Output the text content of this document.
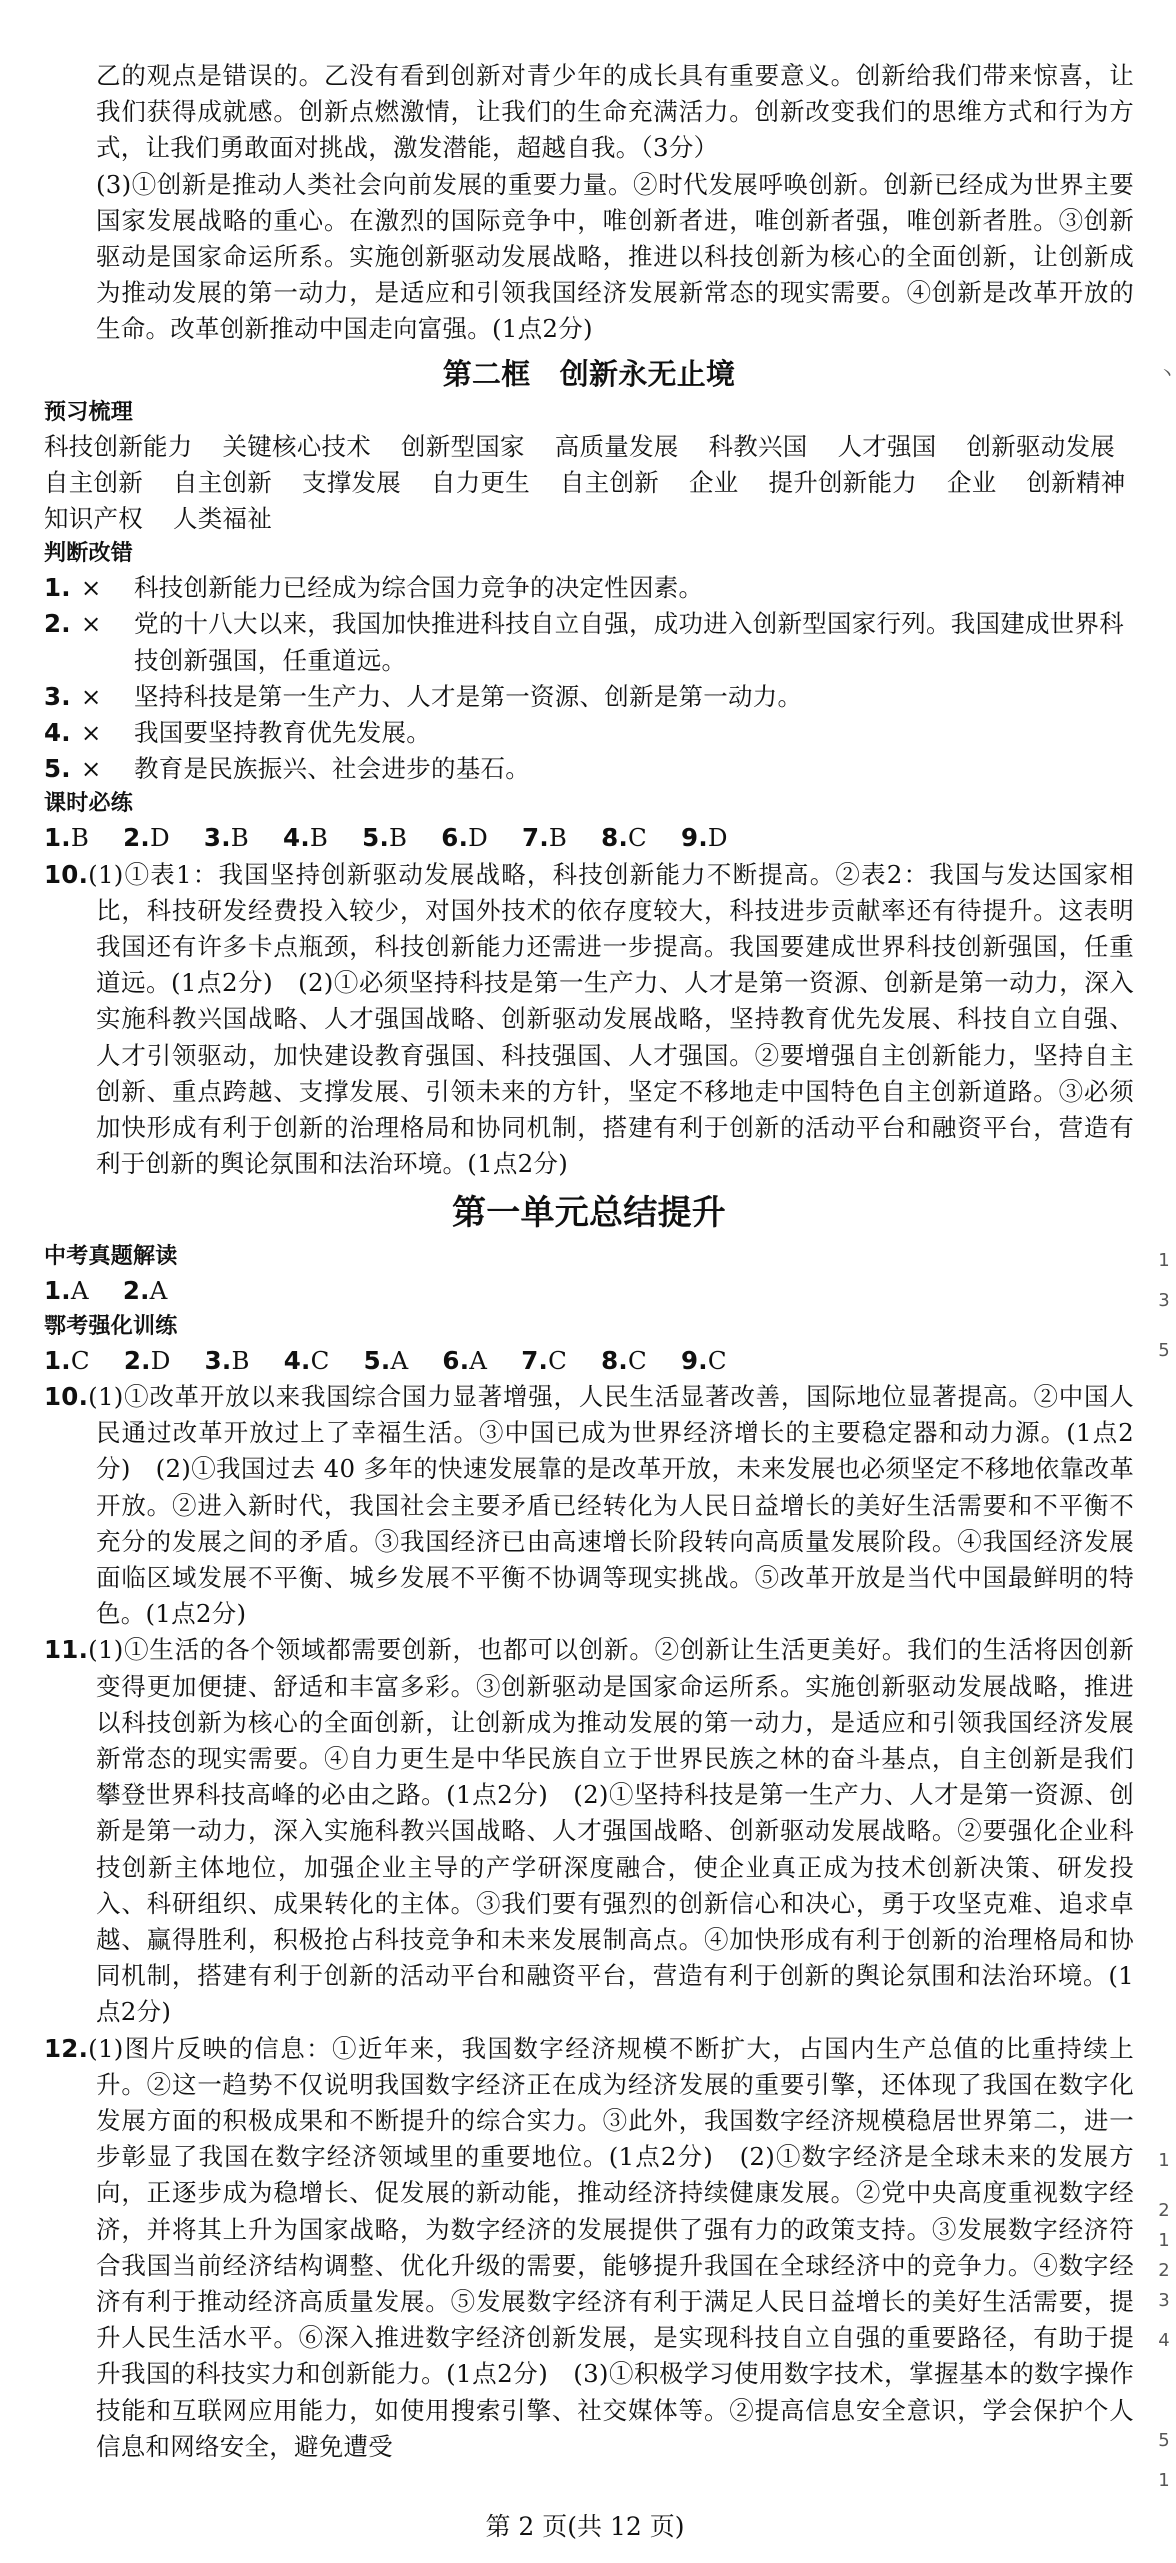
乙的观点是错误的。乙没有看到创新对青少年的成长具有重要意义。创新给我们带来惊喜，让我们获得成就感。创新点燃激情，让我们的生命充满活力。创新改变我们的思维方式和行为方式，让我们勇敢面对挑战，激发潜能，超越自我。（3分）

(3)①创新是推动人类社会向前发展的重要力量。②时代发展呼唤创新。创新已经成为世界主要国家发展战略的重心。在激烈的国际竞争中，唯创新者进，唯创新者强，唯创新者胜。③创新驱动是国家命运所系。实施创新驱动发展战略，推进以科技创新为核心的全面创新，让创新成为推动发展的第一动力，是适应和引领我国经济发展新常态的现实需要。④创新是改革开放的生命。改革创新推动中国走向富强。(1点2分)

第二框　创新永无止境
预习梳理
科技创新能力 关键核心技术 创新型国家 高质量发展 科教兴国 人才强国 创新驱动发展
自主创新 自主创新 支撑发展 自力更生 自主创新 企业 提升创新能力 企业 创新精神
知识产权 人类福祉
判断改错
1. ×	科技创新能力已经成为综合国力竞争的决定性因素。
2. ×	党的十八大以来，我国加快推进科技自立自强，成功进入创新型国家行列。我国建成世界科技创新强国，任重道远。
3. ×	坚持科技是第一生产力、人才是第一资源、创新是第一动力。
4. ×	我国要坚持教育优先发展。
5. ×	教育是民族振兴、社会进步的基石。
课时必练
1.B 2.D 3.B 4.B 5.B 6.D 7.B 8.C 9.D

10.(1)①表1：我国坚持创新驱动发展战略，科技创新能力不断提高。②表2：我国与发达国家相比，科技研发经费投入较少，对国外技术的依存度较大，科技进步贡献率还有待提升。这表明我国还有许多卡点瓶颈，科技创新能力还需进一步提高。我国要建成世界科技创新强国，任重道远。(1点2分)　(2)①必须坚持科技是第一生产力、人才是第一资源、创新是第一动力，深入实施科教兴国战略、人才强国战略、创新驱动发展战略，坚持教育优先发展、科技自立自强、人才引领驱动，加快建设教育强国、科技强国、人才强国。②要增强自主创新能力，坚持自主创新、重点跨越、支撑发展、引领未来的方针，坚定不移地走中国特色自主创新道路。③必须加快形成有利于创新的治理格局和协同机制，搭建有利于创新的活动平台和融资平台，营造有利于创新的舆论氛围和法治环境。(1点2分)

第一单元总结提升
中考真题解读
1.A 2.A
鄂考强化训练
1.C 2.D 3.B 4.C 5.A 6.A 7.C 8.C 9.C

10.(1)①改革开放以来我国综合国力显著增强，人民生活显著改善，国际地位显著提高。②中国人民通过改革开放过上了幸福生活。③中国已成为世界经济增长的主要稳定器和动力源。(1点2分)　(2)①我国过去 40 多年的快速发展靠的是改革开放，未来发展也必须坚定不移地依靠改革开放。②进入新时代，我国社会主要矛盾已经转化为人民日益增长的美好生活需要和不平衡不充分的发展之间的矛盾。③我国经济已由高速增长阶段转向高质量发展阶段。④我国经济发展面临区域发展不平衡、城乡发展不平衡不协调等现实挑战。⑤改革开放是当代中国最鲜明的特色。(1点2分)

11.(1)①生活的各个领域都需要创新，也都可以创新。②创新让生活更美好。我们的生活将因创新变得更加便捷、舒适和丰富多彩。③创新驱动是国家命运所系。实施创新驱动发展战略，推进以科技创新为核心的全面创新，让创新成为推动发展的第一动力，是适应和引领我国经济发展新常态的现实需要。④自力更生是中华民族自立于世界民族之林的奋斗基点，自主创新是我们攀登世界科技高峰的必由之路。(1点2分)　(2)①坚持科技是第一生产力、人才是第一资源、创新是第一动力，深入实施科教兴国战略、人才强国战略、创新驱动发展战略。②要强化企业科技创新主体地位，加强企业主导的产学研深度融合，使企业真正成为技术创新决策、研发投入、科研组织、成果转化的主体。③我们要有强烈的创新信心和决心，勇于攻坚克难、追求卓越、赢得胜利，积极抢占科技竞争和未来发展制高点。④加快形成有利于创新的治理格局和协同机制，搭建有利于创新的活动平台和融资平台，营造有利于创新的舆论氛围和法治环境。(1点2分)

12.(1)图片反映的信息：①近年来，我国数字经济规模不断扩大，占国内生产总值的比重持续上升。②这一趋势不仅说明我国数字经济正在成为经济发展的重要引擎，还体现了我国在数字化发展方面的积极成果和不断提升的综合实力。③此外，我国数字经济规模稳居世界第二，进一步彰显了我国在数字经济领域里的重要地位。(1点2分)　(2)①数字经济是全球未来的发展方向，正逐步成为稳增长、促发展的新动能，推动经济持续健康发展。②党中央高度重视数字经济，并将其上升为国家战略，为数字经济的发展提供了强有力的政策支持。③发展数字经济符合我国当前经济结构调整、优化升级的需要，能够提升我国在全球经济中的竞争力。④数字经济有利于推动经济高质量发展。⑤发展数字经济有利于满足人民日益增长的美好生活需要，提升人民生活水平。⑥深入推进数字经济创新发展，是实现科技自立自强的重要路径，有助于提升我国的科技实力和创新能力。(1点2分)　(3)①积极学习使用数字技术，掌握基本的数字操作技能和互联网应用能力，如使用搜索引擎、社交媒体等。②提高信息安全意识，学会保护个人信息和网络安全，避免遭受

第 2 页(共 12 页)
丶
1
3
5
1
2
1
2
3
4
5
1
